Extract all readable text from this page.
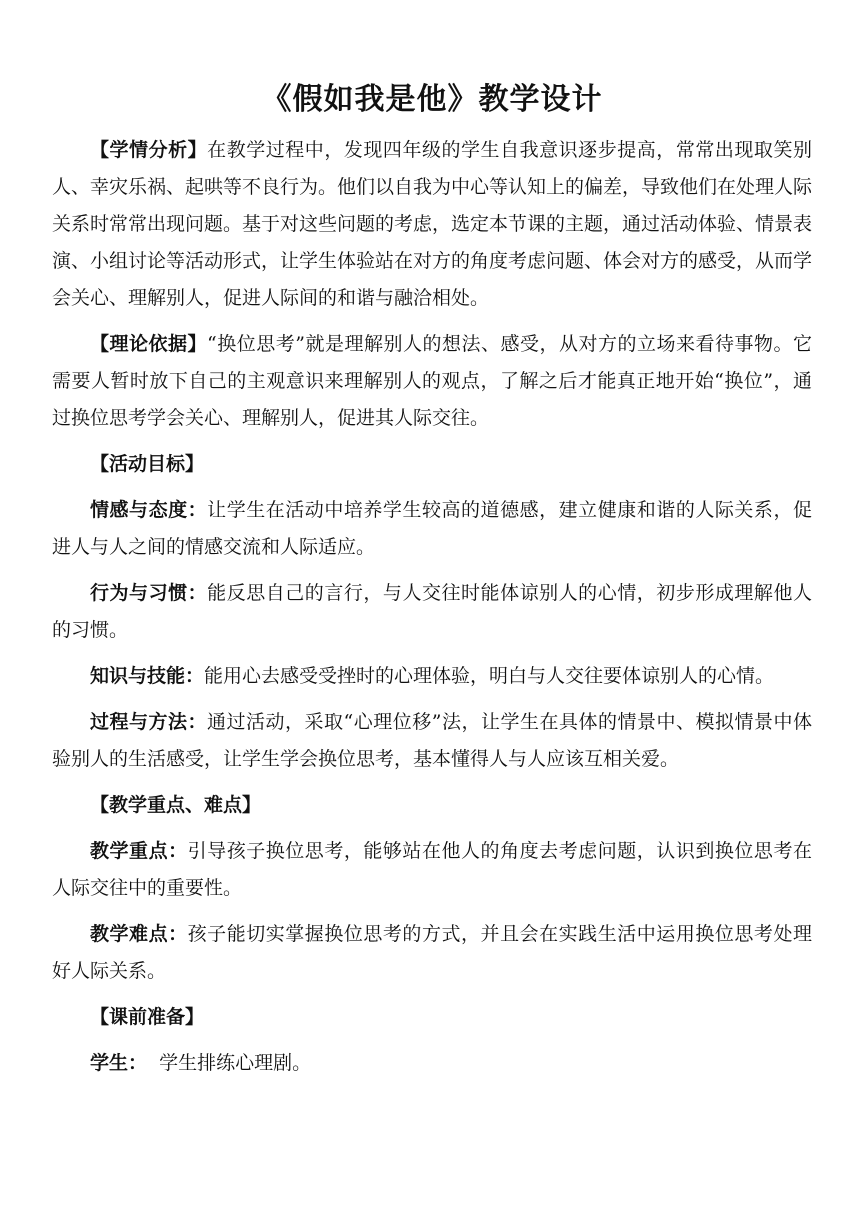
《假如我是他》教学设计

【学情分析】在教学过程中，发现四年级的学生自我意识逐步提高，常常出现取笑别人、幸灾乐祸、起哄等不良行为。他们以自我为中心等认知上的偏差，导致他们在处理人际关系时常常出现问题。基于对这些问题的考虑，选定本节课的主题，通过活动体验、情景表演、小组讨论等活动形式，让学生体验站在对方的角度考虑问题、体会对方的感受，从而学会关心、理解别人，促进人际间的和谐与融洽相处。

【理论依据】“换位思考”就是理解别人的想法、感受，从对方的立场来看待事物。它需要人暂时放下自己的主观意识来理解别人的观点，了解之后才能真正地开始“换位”，通过换位思考学会关心、理解别人，促进其人际交往。

【活动目标】

情感与态度：让学生在活动中培养学生较高的道德感，建立健康和谐的人际关系，促进人与人之间的情感交流和人际适应。

行为与习惯：能反思自己的言行，与人交往时能体谅别人的心情，初步形成理解他人的习惯。

知识与技能：能用心去感受受挫时的心理体验，明白与人交往要体谅别人的心情。

过程与方法：通过活动，采取“心理位移”法，让学生在具体的情景中、模拟情景中体验别人的生活感受，让学生学会换位思考，基本懂得人与人应该互相关爱。

【教学重点、难点】

教学重点：引导孩子换位思考，能够站在他人的角度去考虑问题，认识到换位思考在人际交往中的重要性。

教学难点：孩子能切实掌握换位思考的方式，并且会在实践生活中运用换位思考处理好人际关系。

【课前准备】

学生：  学生排练心理剧。
